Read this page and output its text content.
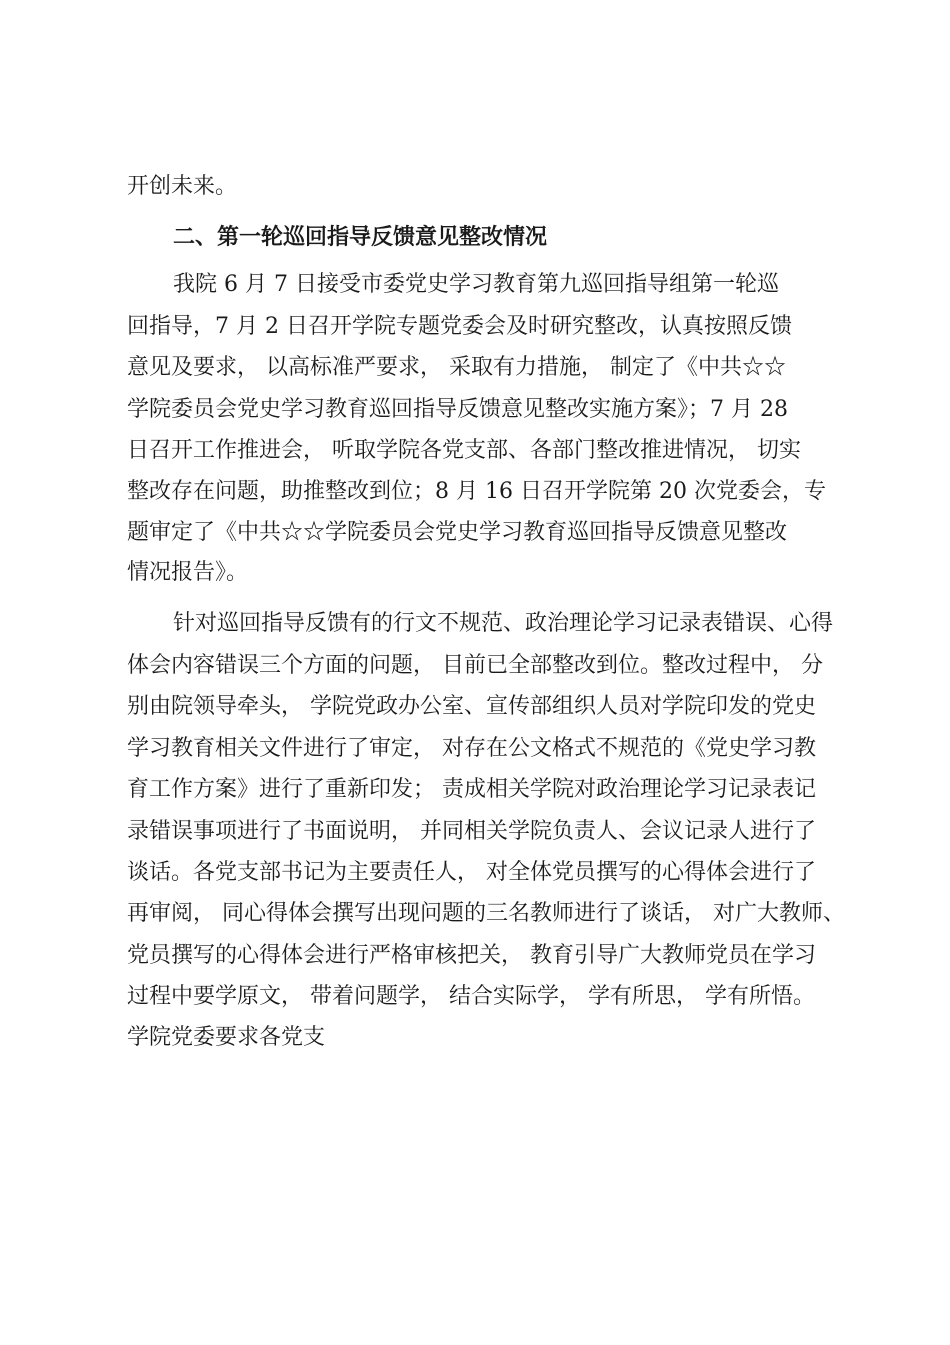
开创未来。
二、第一轮巡回指导反馈意见整改情况
我院 6 月 7 日接受市委党史学习教育第九巡回指导组第一轮巡
回指导，7 月 2 日召开学院专题党委会及时研究整改，认真按照反馈
意见及要求， 以高标准严要求， 采取有力措施， 制定了《中共☆☆
学院委员会党史学习教育巡回指导反馈意见整改实施方案》；7 月 28
日召开工作推进会， 听取学院各党支部、各部门整改推进情况， 切实
整改存在问题，助推整改到位；8 月 16 日召开学院第 20 次党委会，专
题审定了《中共☆☆学院委员会党史学习教育巡回指导反馈意见整改
情况报告》。
针对巡回指导反馈有的行文不规范、政治理论学习记录表错误、心得
体会内容错误三个方面的问题， 目前已全部整改到位。整改过程中， 分
别由院领导牵头， 学院党政办公室、宣传部组织人员对学院印发的党史
学习教育相关文件进行了审定， 对存在公文格式不规范的《党史学习教
育工作方案》进行了重新印发； 责成相关学院对政治理论学习记录表记
录错误事项进行了书面说明， 并同相关学院负责人、会议记录人进行了
谈话。各党支部书记为主要责任人， 对全体党员撰写的心得体会进行了
再审阅， 同心得体会撰写出现问题的三名教师进行了谈话， 对广大教师、
党员撰写的心得体会进行严格审核把关， 教育引导广大教师党员在学习
过程中要学原文， 带着问题学， 结合实际学， 学有所思， 学有所悟。
学院党委要求各党支
